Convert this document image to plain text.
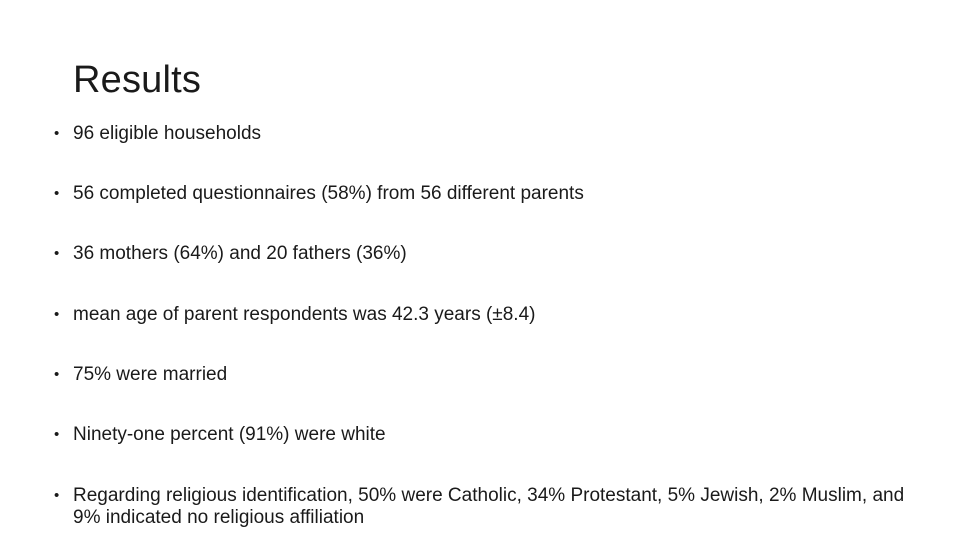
Results
• 96 eligible households
• 56 completed questionnaires (58%) from 56 different parents
• 36 mothers (64%) and 20 fathers (36%)
• mean age of parent respondents was 42.3 years (±8.4)
• 75% were married
• Ninety-one percent (91%) were white
• Regarding religious identification, 50% were Catholic, 34% Protestant, 5% Jewish, 2% Muslim, and 9% indicated no religious affiliation
